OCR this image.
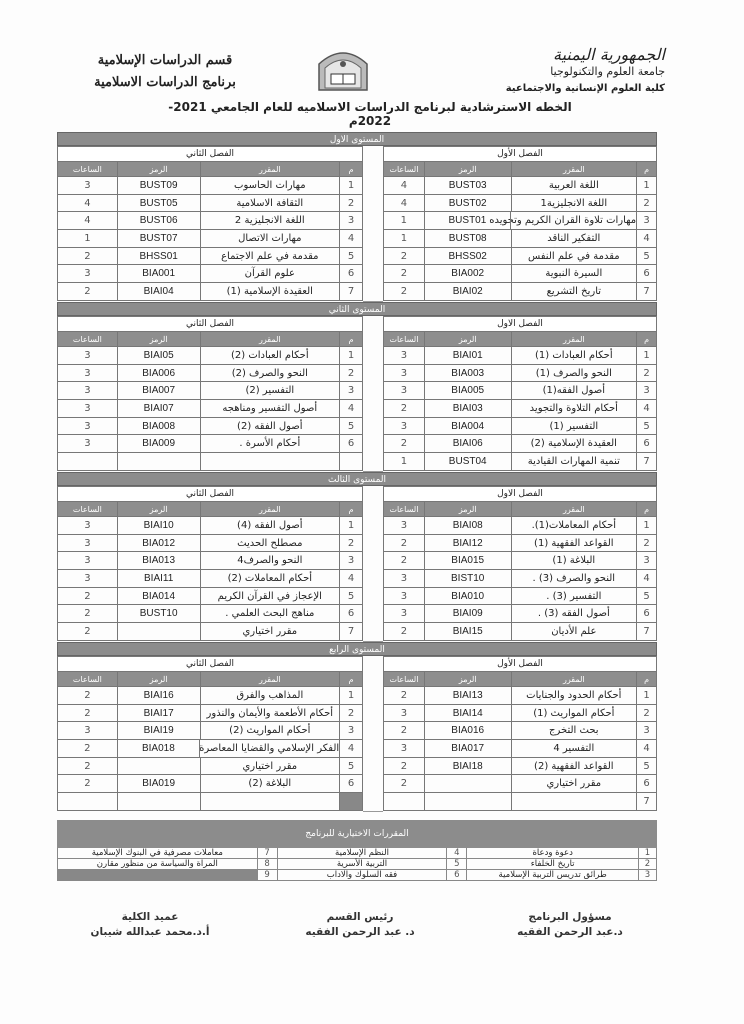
قسم الدراسات الإسلامية
برنامج الدراسات الاسلامية
الجمهورية اليمنية
جامعة العلوم والتكنولوجيا
كلية العلوم الإنسانية والاجتماعية
الخطه الاسترشادية لبرنامج الدراسات الاسلاميه للعام الجامعي 2021-2022م
المستوى الاول
الفصل الأول
م
المقرر
الرمز
الساعات
1
اللغة العربية
BUST03
4
2
اللغة الانجليزية1
BUST02
4
3
مهارات تلاوة القران الكريم وتجويده
BUST01
1
4
التفكير الناقد
BUST08
1
5
مقدمة في علم النفس
BHSS02
2
6
السيرة النبوية
BIA002
2
7
تاريخ التشريع
BIAI02
2
الفصل الثاني
م
المقرر
الرمز
الساعات
1
مهارات الحاسوب
BUST09
3
2
الثقافة الاسلامية
BUST05
4
3
اللغة الانجليزية 2
BUST06
4
4
مهارات الاتصال
BUST07
1
5
مقدمة في علم الاجتماع
BHSS01
2
6
علوم القرآن
BIA001
3
7
العقيدة الإسلامية (1)
BIAI04
2
المستوى الثاني
الفصل الاول
م
المقرر
الرمز
الساعات
1
أحكام العبادات (1)
BIAI01
3
2
النحو والصرف (1)
BIA003
3
3
أصول الفقه(1)
BIA005
3
4
أحكام التلاوة والتجويد
BIAI03
2
5
التفسير (1)
BIA004
3
6
العقيدة الإسلامية (2)
BIAI06
2
7
تنمية المهارات القيادية
BUST04
1
الفصل الثاني
م
المقرر
الرمز
الساعات
1
أحكام العبادات (2)
BIAI05
3
2
النحو والصرف (2)
BIA006
3
3
التفسير (2)
BIA007
3
4
أصول التفسير ومناهجه
BIAI07
3
5
أصول الفقه (2)
BIA008
3
6
أحكام الأسرة .
BIA009
3
المستوى الثالث
الفصل الاول
م
المقرر
الرمز
الساعات
1
أحكام المعاملات(1).
BIAI08
3
2
القواعد الفقهية (1)
BIAI12
2
3
البلاغة (1)
BIA015
2
4
النحو والصرف (3) .
BIST10
3
5
التفسير (3) .
BIA010
3
6
أصول الفقه (3) .
BIAI09
3
7
علم الأديان
BIAI15
2
الفصل الثاني
م
المقرر
الرمز
الساعات
1
أصول الفقه (4)
BIAI10
3
2
مصطلح الحديث
BIA012
3
3
النحو والصرف4
BIA013
3
4
أحكام المعاملات (2)
BIAI11
3
5
الإعجاز في القرآن الكريم
BIA014
2
6
مناهج البحث العلمي .
BUST10
2
7
مقرر اختياري
2
المستوى الرابع
الفصل الأول
م
المقرر
الرمز
الساعات
1
أحكام الحدود والجنايات
BIAI13
2
2
أحكام المواريث (1)
BIAI14
3
3
بحث التخرج
BIA016
2
4
التفسير 4
BIA017
3
5
القواعد الفقهية (2)
BIAI18
2
6
مقرر اختياري
2
7
الفصل الثاني
م
المقرر
الرمز
الساعات
1
المذاهب والفرق
BIAI16
2
2
أحكام الأطعمة والأيمان والنذور
BIAI17
2
3
أحكام المواريث (2)
BIAI19
3
4
الفكر الإسلامي والقضايا المعاصرة
BIA018
2
5
مقرر اختياري
2
6
البلاغة (2)
BIA019
2
المقررات الاختيارية للبرنامج
1
دعوة ودعاة
4
النظم الإسلامية
7
معاملات مصرفية في البنوك الإسلامية
2
تاريخ الخلفاء
5
التربية الأسرية
8
المراة والسياسة من منظور مقارن
3
طرائق تدريس التربية الإسلامية
6
فقه السلوك والاداب
9
مسؤول البرنامج
د.عبد الرحمن الفقيه
رئيس القسم
د. عبد الرحمن الفقيه
عميد الكلية
أ.د.محمد عبدالله شيبان
